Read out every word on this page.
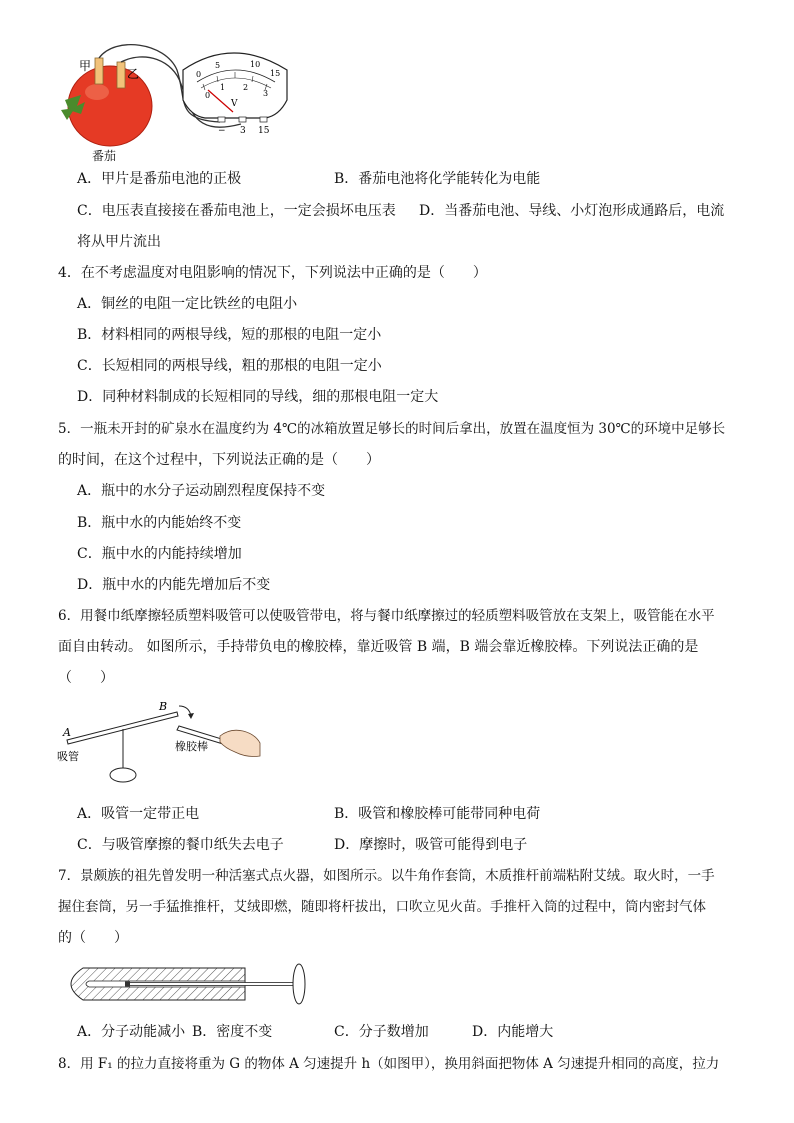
甲
乙	0
5	10
15
0
1 2
3
V
− 3 15
番茄
A．甲片是番茄电池的正极	B．番茄电池将化学能转化为电能
C．电压表直接接在番茄电池上，一定会损坏电压表 D．当番茄电池、导线、小灯泡形成通路后，电流
将从甲片流出
4．在不考虑温度对电阻影响的情况下，下列说法中正确的是（　　）
A．铜丝的电阻一定比铁丝的电阻小
B．材料相同的两根导线，短的那根的电阻一定小
C．长短相同的两根导线，粗的那根的电阻一定小
D．同种材料制成的长短相同的导线，细的那根电阻一定大
5．一瓶未开封的矿泉水在温度约为 4℃的冰箱放置足够长的时间后拿出，放置在温度恒为 30℃的环境中足够长
的时间，在这个过程中，下列说法正确的是（　　）
A．瓶中的水分子运动剧烈程度保持不变
B．瓶中水的内能始终不变
C．瓶中水的内能持续增加
D．瓶中水的内能先增加后不变
6．用餐巾纸摩擦轻质塑料吸管可以使吸管带电，将与餐巾纸摩擦过的轻质塑料吸管放在支架上，吸管能在水平
面自由转动。 如图所示，手持带负电的橡胶棒，靠近吸管 B 端，B 端会靠近橡胶棒。下列说法正确的是
（　　）
A
B
吸管
橡胶棒
A．吸管一定带正电	B．吸管和橡胶棒可能带同种电荷
C．与吸管摩擦的餐巾纸失去电子	D．摩擦时，吸管可能得到电子
7．景颇族的祖先曾发明一种活塞式点火器，如图所示。以牛角作套筒，木质推杆前端粘附艾绒。取火时，一手
握住套筒，另一手猛推推杆，艾绒即燃，随即将杆拔出，口吹立见火苗。手推杆入筒的过程中，筒内密封气体
的（　　）
A．分子动能减小 B．密度不变	C．分子数增加	D．内能增大
8．用 F₁ 的拉力直接将重为 G 的物体 A 匀速提升 h（如图甲），换用斜面把物体 A 匀速提升相同的高度，拉力
